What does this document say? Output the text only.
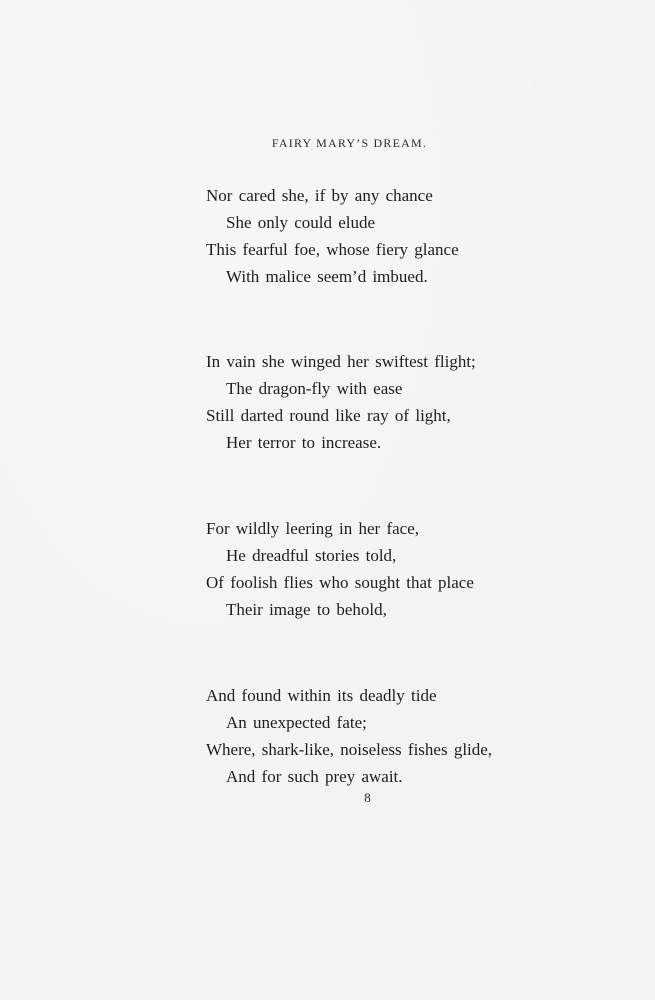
FAIRY MARY’S DREAM.
Nor cared she, if by any chance
She only could elude
This fearful foe, whose fiery glance
With malice seem’d imbued.
In vain she winged her swiftest flight;
The dragon-fly with ease
Still darted round like ray of light,
Her terror to increase.
For wildly leering in her face,
He dreadful stories told,
Of foolish flies who sought that place
Their image to behold,
And found within its deadly tide
An unexpected fate;
Where, shark-like, noiseless fishes glide,
And for such prey await.
8
